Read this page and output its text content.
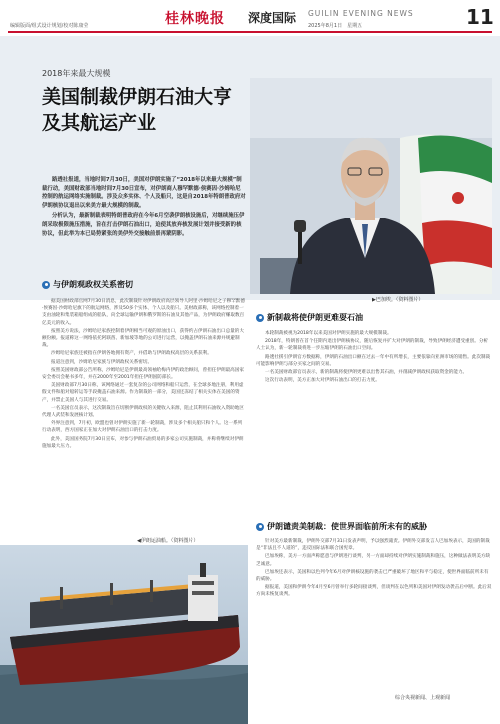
编辑版面/组式设计规划/校对陈康莹	桂林晚报 深度国际 GUILIN EVENING NEWS
2025年8月1日　星期五	11
2018年来最大规模
美国制裁伊朗石油大亨及其航运产业

路透社报道，当地时间7月30日，美国对伊朗实施了“2018年以来最大规模”制裁行动，美国财政部当地时间7月30日宣布，对伊朗商人穆罕默德·侯赛因·沙姆哈尼控制的航运网络实施制裁。涉及众多实体、个人及船只，这是自2018年特朗普政府对伊朗核协议退出以来美方最大规模的制裁。

分析认为，最新制裁表明特朗普政府在今年6月空袭伊朗核设施后，对继续施压伊朗采取极限施压措施，旨在打击伊朗石油出口，迫使其放弃核发展计划并接受新的核协议，但此举为本已局势紧张的美伊外交接触前景再蒙阴影。

▶巴加埃。（资料图片）
与伊朗观政权关系密切

据美国财政部官网7月30日消息，此次制裁针对伊朗政府高层领导人阿里·沙姆哈尼之子穆罕默德·侯赛因·沙姆哈尼旗下的航运网络，涉及50多个实体、个人以及船只。美财政部称，该网络控制着一支由油轮和集装箱船组成的船队，向全球运输伊朗和俄罗斯的石油及其他产品，为伊朗政府赚取数百亿美元的收入。

按照美方说法，沙姆哈尼家族控制着伊朗相当可观的原油出口，获得约占伊朗石油出口总量的大额份额。报道称这一网络依托阿联酋、新加坡等地的公司进行运营，以掩盖伊朗石油来源并规避制裁。

沙姆哈尼家族还被指在伊朗各地拥有资产，并借助与伊朗政权高层的关系获利。

报道注意到，沙姆哈尼家族与伊朗政权关系密切。

按照美国财政部公告所称，沙姆哈尼是伊朗最高领袖哈梅内伊的政治顾问，曾担任伊朗最高国家安全委员会秘书多年，并在2000年至2001年担任伊朗国防部长。

美国财政部7月30日称，该网络通过一套复杂的公司网络和船只运营，在全球多地注册，利用虚假文件和船对船转运等手段掩盖石油来源。作为制裁的一部分，美国还冻结了相关实体在美国的资产，并禁止美国人与其进行交易。

一名美国官员表示，这次制裁旨在切断伊朗政权的关键收入来源，阻止其利用石油收入资助地区代理人武装和发展核计划。

外界注意到，7月初，欧盟也曾对伊朗实施了新一轮制裁，涉及多个相关船只和个人。这一系列行动表明，西方国家正在加大对伊朗石油出口的打击力度。

此外，美国国务院7月30日宣布，对参与伊朗石油贸易的多家公司实施制裁，并称将继续对伊朗施加最大压力。

新制裁将使伊朗更难耍石油

本轮制裁被视为2018年以来美国对伊朗实施的最大规模制裁。

2018年，特朗普在首个任期内退出伊朗核协议，随后恢复并扩大对伊朗的制裁，导致伊朗经济遭受重创。分析人士认为，新一轮制裁将进一步压缩伊朗的石油出口空间。

路透社援引伊朗官方数据称，伊朗的石油出口额在过去一年中有所增长，主要依靠向亚洲市场的销售。此次制裁可能影响伊朗与部分买家之间的交易。

一名美国财政部官员表示，新的制裁将使伊朗更难以出售其石油，并削减伊朗政权获取资金的能力。

这次行动表明，美方正加大对伊朗石油出口的打击力度。

伊朗谴责美制裁：使世界面临前所未有的威胁

针对美方最新制裁，伊朗外交部7月31日发表声明，予以强烈谴责。伊朗外交部发言人巴加埃表示，美国的制裁是“非法且不人道的”，违反国际法和联合国宪章。

巴加埃称，美方一方面声称愿意与伊朗进行谈判，另一方面却持续对伊朗实施制裁和施压，这种做法表明美方缺乏诚意。

巴加埃还表示，美国和以色列今年6月对伊朗核设施的袭击已严重破坏了地区和平与稳定，使世界面临前所未有的威胁。

据报道，美国和伊朗今年4月至6月曾举行多轮间接谈判，但谈判在以色列和美国对伊朗发动袭击后中断。此后双方尚未恢复谈判。

◀伊朗运油船。（资料图片）
综合央视新闻、上观新闻
